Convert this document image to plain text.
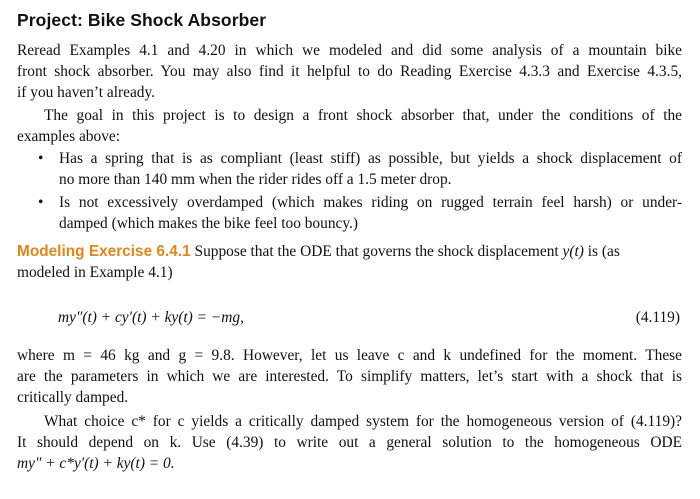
Project: Bike Shock Absorber
Reread Examples 4.1 and 4.20 in which we modeled and did some analysis of a mountain bike
front shock absorber. You may also find it helpful to do Reading Exercise 4.3.3 and Exercise 4.3.5,
if you haven’t already.
The goal in this project is to design a front shock absorber that, under the conditions of the
examples above:
• Has a spring that is as compliant (least stiff) as possible, but yields a shock displacement of
no more than 140 mm when the rider rides off a 1.5 meter drop.
• Is not excessively overdamped (which makes riding on rugged terrain feel harsh) or under-
damped (which makes the bike feel too bouncy.)
Modeling Exercise 6.4.1 Suppose that the ODE that governs the shock displacement y(t) is (as
modeled in Example 4.1)
my″(t) + cy′(t) + ky(t) = −mg,	(4.119)
where m = 46 kg and g = 9.8. However, let us leave c and k undefined for the moment. These
are the parameters in which we are interested. To simplify matters, let’s start with a shock that is
critically damped.
What choice c* for c yields a critically damped system for the homogeneous version of (4.119)?
It should depend on k. Use (4.39) to write out a general solution to the homogeneous ODE
my″ + c*y′(t) + ky(t) = 0.
